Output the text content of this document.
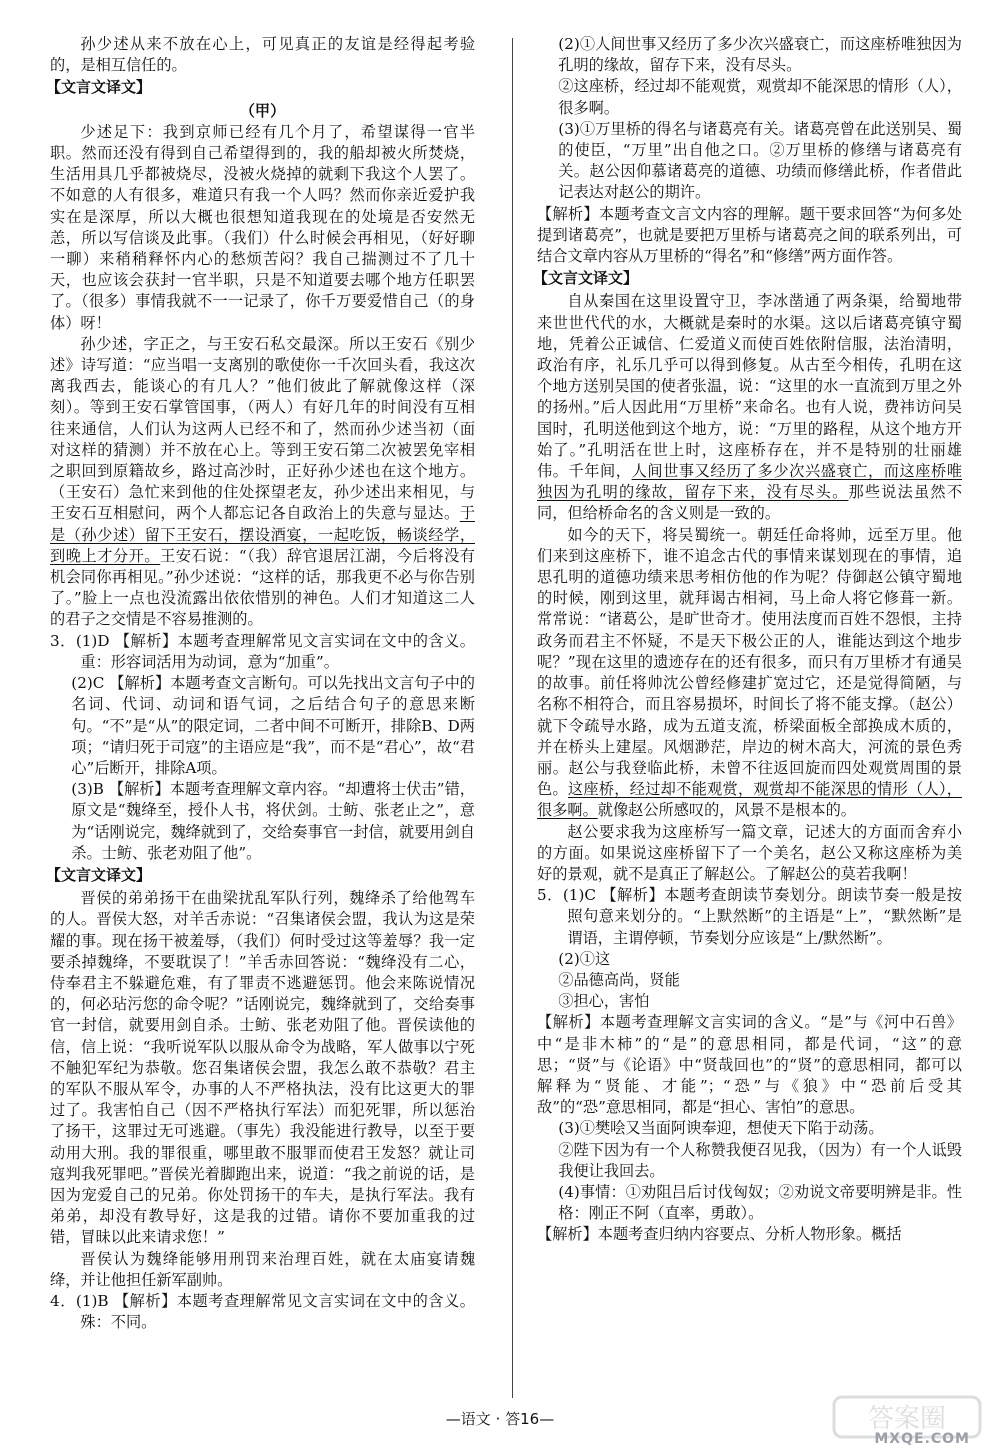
孙少述从来不放在心上，可见真正的友谊是经得起考验的，是相互信任的。

【文言文译文】
（甲）

少述足下：我到京师已经有几个月了，希望谋得一官半职。然而还没有得到自己希望得到的，我的船却被火所焚烧，生活用具几乎都被烧尽，没被火烧掉的就剩下我这个人罢了。不如意的人有很多，难道只有我一个人吗？然而你亲近爱护我实在是深厚，所以大概也很想知道我现在的处境是否安然无恙，所以写信谈及此事。（我们）什么时候会再相见，（好好聊一聊）来稍稍释怀内心的愁烦苦闷？我自己揣测过不了几十天，也应该会获封一官半职，只是不知道要去哪个地方任职罢了。（很多）事情我就不一一记录了，你千万要爱惜自己（的身体）呀！

孙少述，字正之，与王安石私交最深。所以王安石《别少述》诗写道：“应当唱一支离别的歌使你一千次回头看，我这次离我西去，能谈心的有几人？”他们彼此了解就像这样（深刻）。等到王安石掌管国事，（两人）有好几年的时间没有互相往来通信，人们认为这两人已经不和了，然而孙少述当初（面对这样的猜测）并不放在心上。等到王安石第二次被罢免宰相之职回到原籍故乡，路过高沙时，正好孙少述也在这个地方。（王安石）急忙来到他的住处探望老友，孙少述出来相见，与王安石互相慰问，两个人都忘记各自政治上的失意与显达。于是（孙少述）留下王安石，摆设酒宴，一起吃饭，畅谈经学，到晚上才分开。王安石说：“（我）辞官退居江湖，今后将没有机会同你再相见。”孙少述说：“这样的话，那我更不必与你告别了。”脸上一点也没流露出依依惜别的神色。人们才知道这二人的君子之交情是不容易推测的。

3．(1)D 【解析】本题考查理解常见文言实词在文中的含义。重：形容词活用为动词，意为“加重”。

(2)C 【解析】本题考查文言断句。可以先找出文言句子中的名词、代词、动词和语气词，之后结合句子的意思来断句。“不”是“从”的限定词，二者中间不可断开，排除B、D两项；“请归死于司寇”的主语应是“我”，而不是“君心”，故“君心”后断开，排除A项。

(3)B 【解析】本题考查理解文章内容。“却遭将士伏击”错，原文是“魏绛至，授仆人书，将伏剑。士鲂、张老止之”，意为“话刚说完，魏绛就到了，交给奏事官一封信，就要用剑自杀。士鲂、张老劝阻了他”。

【文言文译文】

晋侯的弟弟扬干在曲梁扰乱军队行列，魏绛杀了给他驾车的人。晋侯大怒，对羊舌赤说：“召集诸侯会盟，我认为这是荣耀的事。现在扬干被羞辱，（我们）何时受过这等羞辱？我一定要杀掉魏绛，不要耽误了！”羊舌赤回答说：“魏绛没有二心，侍奉君主不躲避危难，有了罪责不逃避惩罚。他会来陈说情况的，何必玷污您的命令呢？”话刚说完，魏绛就到了，交给奏事官一封信，就要用剑自杀。士鲂、张老劝阻了他。晋侯读他的信，信上说：“我听说军队以服从命令为战略，军人做事以宁死不触犯军纪为恭敬。您召集诸侯会盟，我怎么敢不恭敬？君主的军队不服从军令，办事的人不严格执法，没有比这更大的罪过了。我害怕自己（因不严格执行军法）而犯死罪，所以惩治了扬干，这罪过无可逃避。（事先）我没能进行教导，以至于要动用大刑。我的罪很重，哪里敢不服罪而使君王发怒？就让司寇判我死罪吧。”晋侯光着脚跑出来，说道：“我之前说的话，是因为宠爱自己的兄弟。你处罚扬干的车夫，是执行军法。我有弟弟，却没有教导好，这是我的过错。请你不要加重我的过错，冒昧以此来请求您！”

晋侯认为魏绛能够用刑罚来治理百姓，就在太庙宴请魏绛，并让他担任新军副帅。

4．(1)B 【解析】本题考查理解常见文言实词在文中的含义。殊：不同。

(2)①人间世事又经历了多少次兴盛衰亡，而这座桥唯独因为孔明的缘故，留存下来，没有尽头。

②这座桥，经过却不能观赏，观赏却不能深思的情形（人），很多啊。

(3)①万里桥的得名与诸葛亮有关。诸葛亮曾在此送别吴、蜀的使臣，“万里”出自他之口。②万里桥的修缮与诸葛亮有关。赵公因仰慕诸葛亮的道德、功绩而修缮此桥，作者借此记表达对赵公的期许。

【解析】本题考查文言文内容的理解。题干要求回答“为何多处提到诸葛亮”，也就是要把万里桥与诸葛亮之间的联系列出，可结合文章内容从万里桥的“得名”和“修缮”两方面作答。

【文言文译文】

自从秦国在这里设置守卫，李冰凿通了两条渠，给蜀地带来世世代代的水，大概就是秦时的水渠。这以后诸葛亮镇守蜀地，凭着公正诚信、仁爱道义而使百姓依附信服，法治清明，政治有序，礼乐几乎可以得到修复。从古至今相传，孔明在这个地方送别吴国的使者张温，说：“这里的水一直流到万里之外的扬州。”后人因此用“万里桥”来命名。也有人说，费祎访问吴国时，孔明送他到这个地方，说：“万里的路程，从这个地方开始了。”孔明活在世上时，这座桥存在，并不是特别的壮丽雄伟。千年间，人间世事又经历了多少次兴盛衰亡，而这座桥唯独因为孔明的缘故，留存下来，没有尽头。那些说法虽然不同，但给桥命名的含义则是一致的。

如今的天下，将吴蜀统一。朝廷任命将帅，远至万里。他们来到这座桥下，谁不追念古代的事情来谋划现在的事情，追思孔明的道德功绩来思考相仿他的作为呢？侍御赵公镇守蜀地的时候，刚到这里，就拜谒古相祠，马上命人将它修葺一新。常常说：“诸葛公，是旷世奇才。使用法度而百姓不怨恨，主持政务而君主不怀疑，不是天下极公正的人，谁能达到这个地步呢？”现在这里的遗迹存在的还有很多，而只有万里桥才有通吴的故事。前任将帅沈公曾经修建扩宽过它，还是觉得简陋，与名称不相符合，而且容易损坏，时间长了将不能支撑。（赵公）就下令疏导水路，成为五道支流，桥梁面板全部换成木质的，并在桥头上建屋。风烟渺茫，岸边的树木高大，河流的景色秀丽。赵公与我登临此桥，未曾不往返回旋而四处观赏周围的景色。这座桥，经过却不能观赏，观赏却不能深思的情形（人），很多啊。就像赵公所感叹的，风景不是根本的。

赵公要求我为这座桥写一篇文章，记述大的方面而舍弃小的方面。如果说这座桥留下了一个美名，赵公又称这座桥为美好的景观，就不是真正了解赵公。了解赵公的莫若我啊！

5．(1)C 【解析】本题考查朗读节奏划分。朗读节奏一般是按照句意来划分的。“上默然断”的主语是“上”，“默然断”是谓语，主谓停顿，节奏划分应该是“上/默然断”。

(2)①这

②品德高尚，贤能

③担心，害怕

【解析】本题考查理解文言实词的含义。“是”与《河中石兽》中“是非木柿”的“是”的意思相同，都是代词，“这”的意思；“贤”与《论语》中“贤哉回也”的“贤”的意思相同，都可以解释为“贤能、才能”；“恐”与《狼》中“恐前后受其敌”的“恐”意思相同，都是“担心、害怕”的意思。

(3)①樊哙又当面阿谀奉迎，想使天下陷于动荡。

②陛下因为有一个人称赞我便召见我，（因为）有一个人诋毁我便让我回去。

(4)事情：①劝阻吕后讨伐匈奴；②劝说文帝要明辨是非。性格：刚正不阿（直率，勇敢）。

【解析】本题考查归纳内容要点、分析人物形象。概括

—语文 · 答16—	答案圈
MXQE.COM
